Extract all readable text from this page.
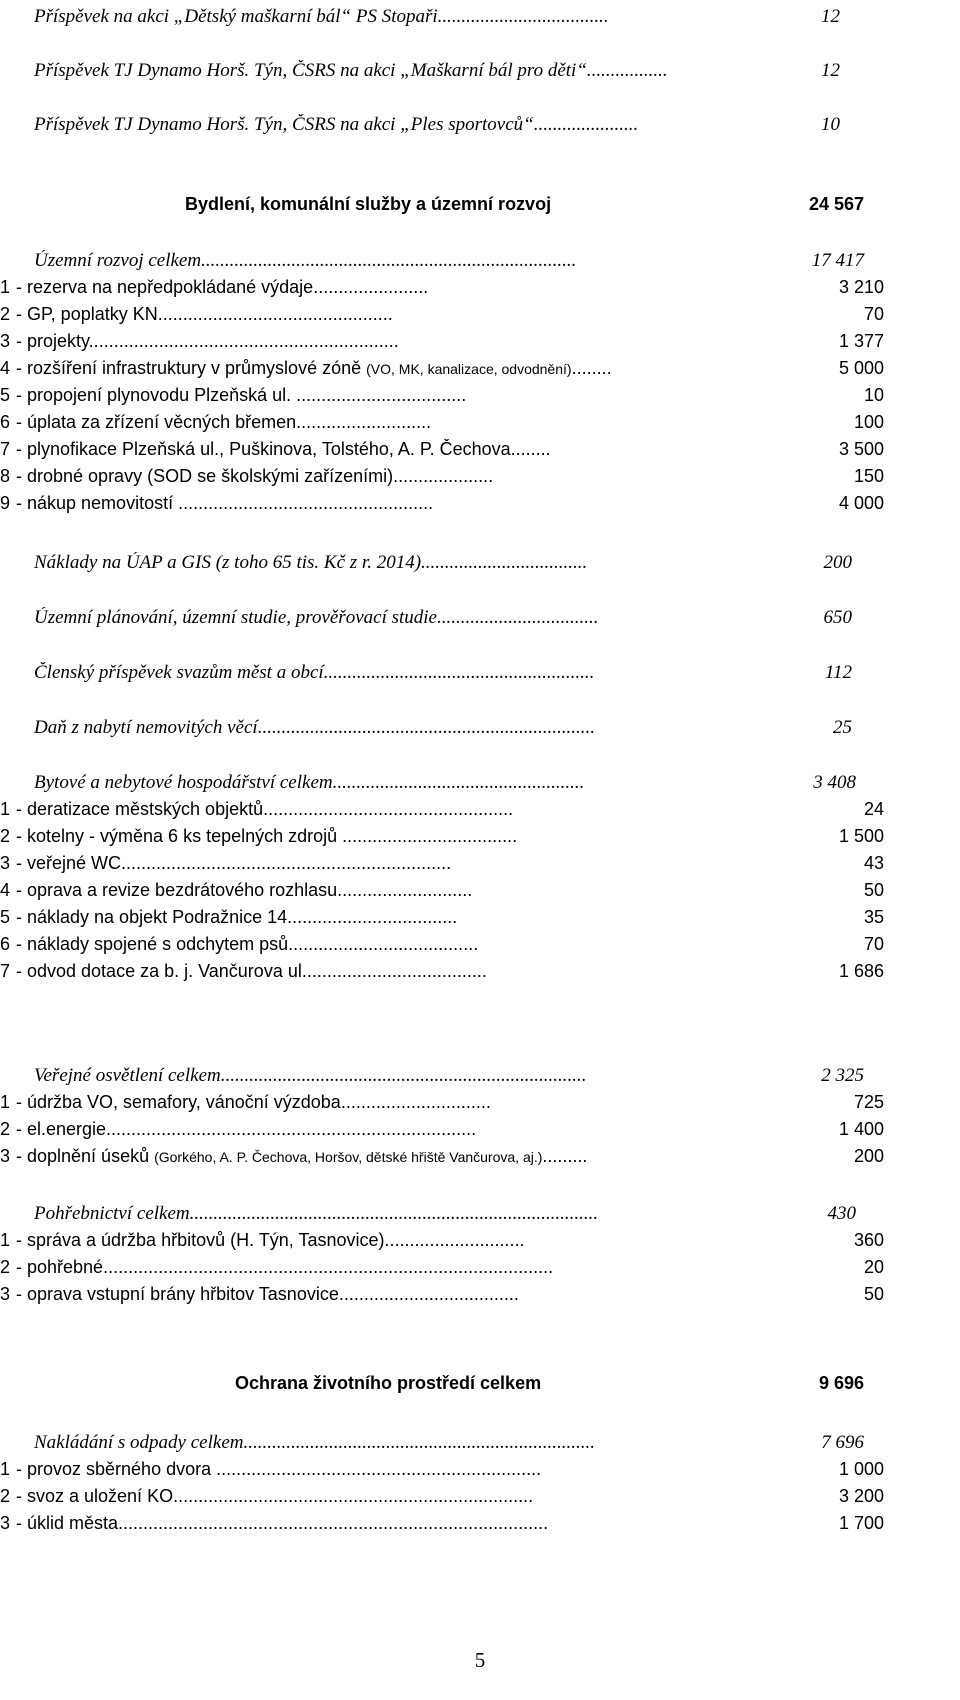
Příspěvek na akci „Dětský maškarní bál“ PS Stopaři....................................	12
Příspěvek TJ Dynamo Horš. Týn, ČSRS na akci „Maškarní bál pro děti“.................	12
Příspěvek TJ Dynamo Horš. Týn, ČSRS na akci „Ples sportovců“......................	10
Bydlení, komunální služby a územní rozvoj	24 567
Územní rozvoj celkem...............................................................................	17 417
1 - rezerva na nepředpokládané výdaje.......................	3 210
2 - GP, poplatky KN...............................................	70
3 - projekty..............................................................	1 377
4 - rozšíření infrastruktury v průmyslové zóně (VO, MK, kanalizace, odvodnění)........	5 000
5 - propojení plynovodu Plzeňská ul. ..................................	10
6 - úplata za zřízení věcných břemen...........................	100
7 - plynofikace Plzeňská ul., Puškinova, Tolstého, A. P. Čechova........	3 500
8 - drobné opravy (SOD se školskými zařízeními)....................	150
9 - nákup nemovitostí ...................................................	4 000
Náklady na ÚAP a GIS (z toho 65 tis. Kč z r. 2014)...................................	200
Územní plánování, územní studie, prověřovací studie..................................	650
Členský příspěvek svazům měst a obcí.........................................................	112
Daň z nabytí nemovitých věcí.......................................................................	25
Bytové a nebytové hospodářství celkem.....................................................	3 408
1 - deratizace městských objektů..................................................	24
2 - kotelny - výměna 6 ks tepelných zdrojů ...................................	1 500
3 - veřejné WC..................................................................	43
4 - oprava a revize bezdrátového rozhlasu...........................	50
5 - náklady na objekt Podražnice 14..................................	35
6 - náklady spojené s odchytem psů......................................	70
7 - odvod dotace za b. j. Vančurova ul.....................................	1 686
Veřejné osvětlení celkem.............................................................................	2 325
1 - údržba VO, semafory, vánoční výzdoba..............................	725
2 - el.energie..........................................................................	1 400
3 - doplnění úseků (Gorkého, A. P. Čechova, Horšov, dětské hřiště Vančurova, aj.).........	200
Pohřebnictví celkem......................................................................................	430
1 - správa a údržba hřbitovů (H. Týn, Tasnovice)............................	360
2 - pohřebné..........................................................................................	20
3 - oprava vstupní brány hřbitov Tasnovice....................................	50
Ochrana životního prostředí celkem	9 696
Nakládání s odpady celkem..........................................................................	7 696
1 - provoz sběrného dvora .................................................................	1 000
2 - svoz a uložení KO........................................................................	3 200
3 - úklid města......................................................................................	1 700
5
